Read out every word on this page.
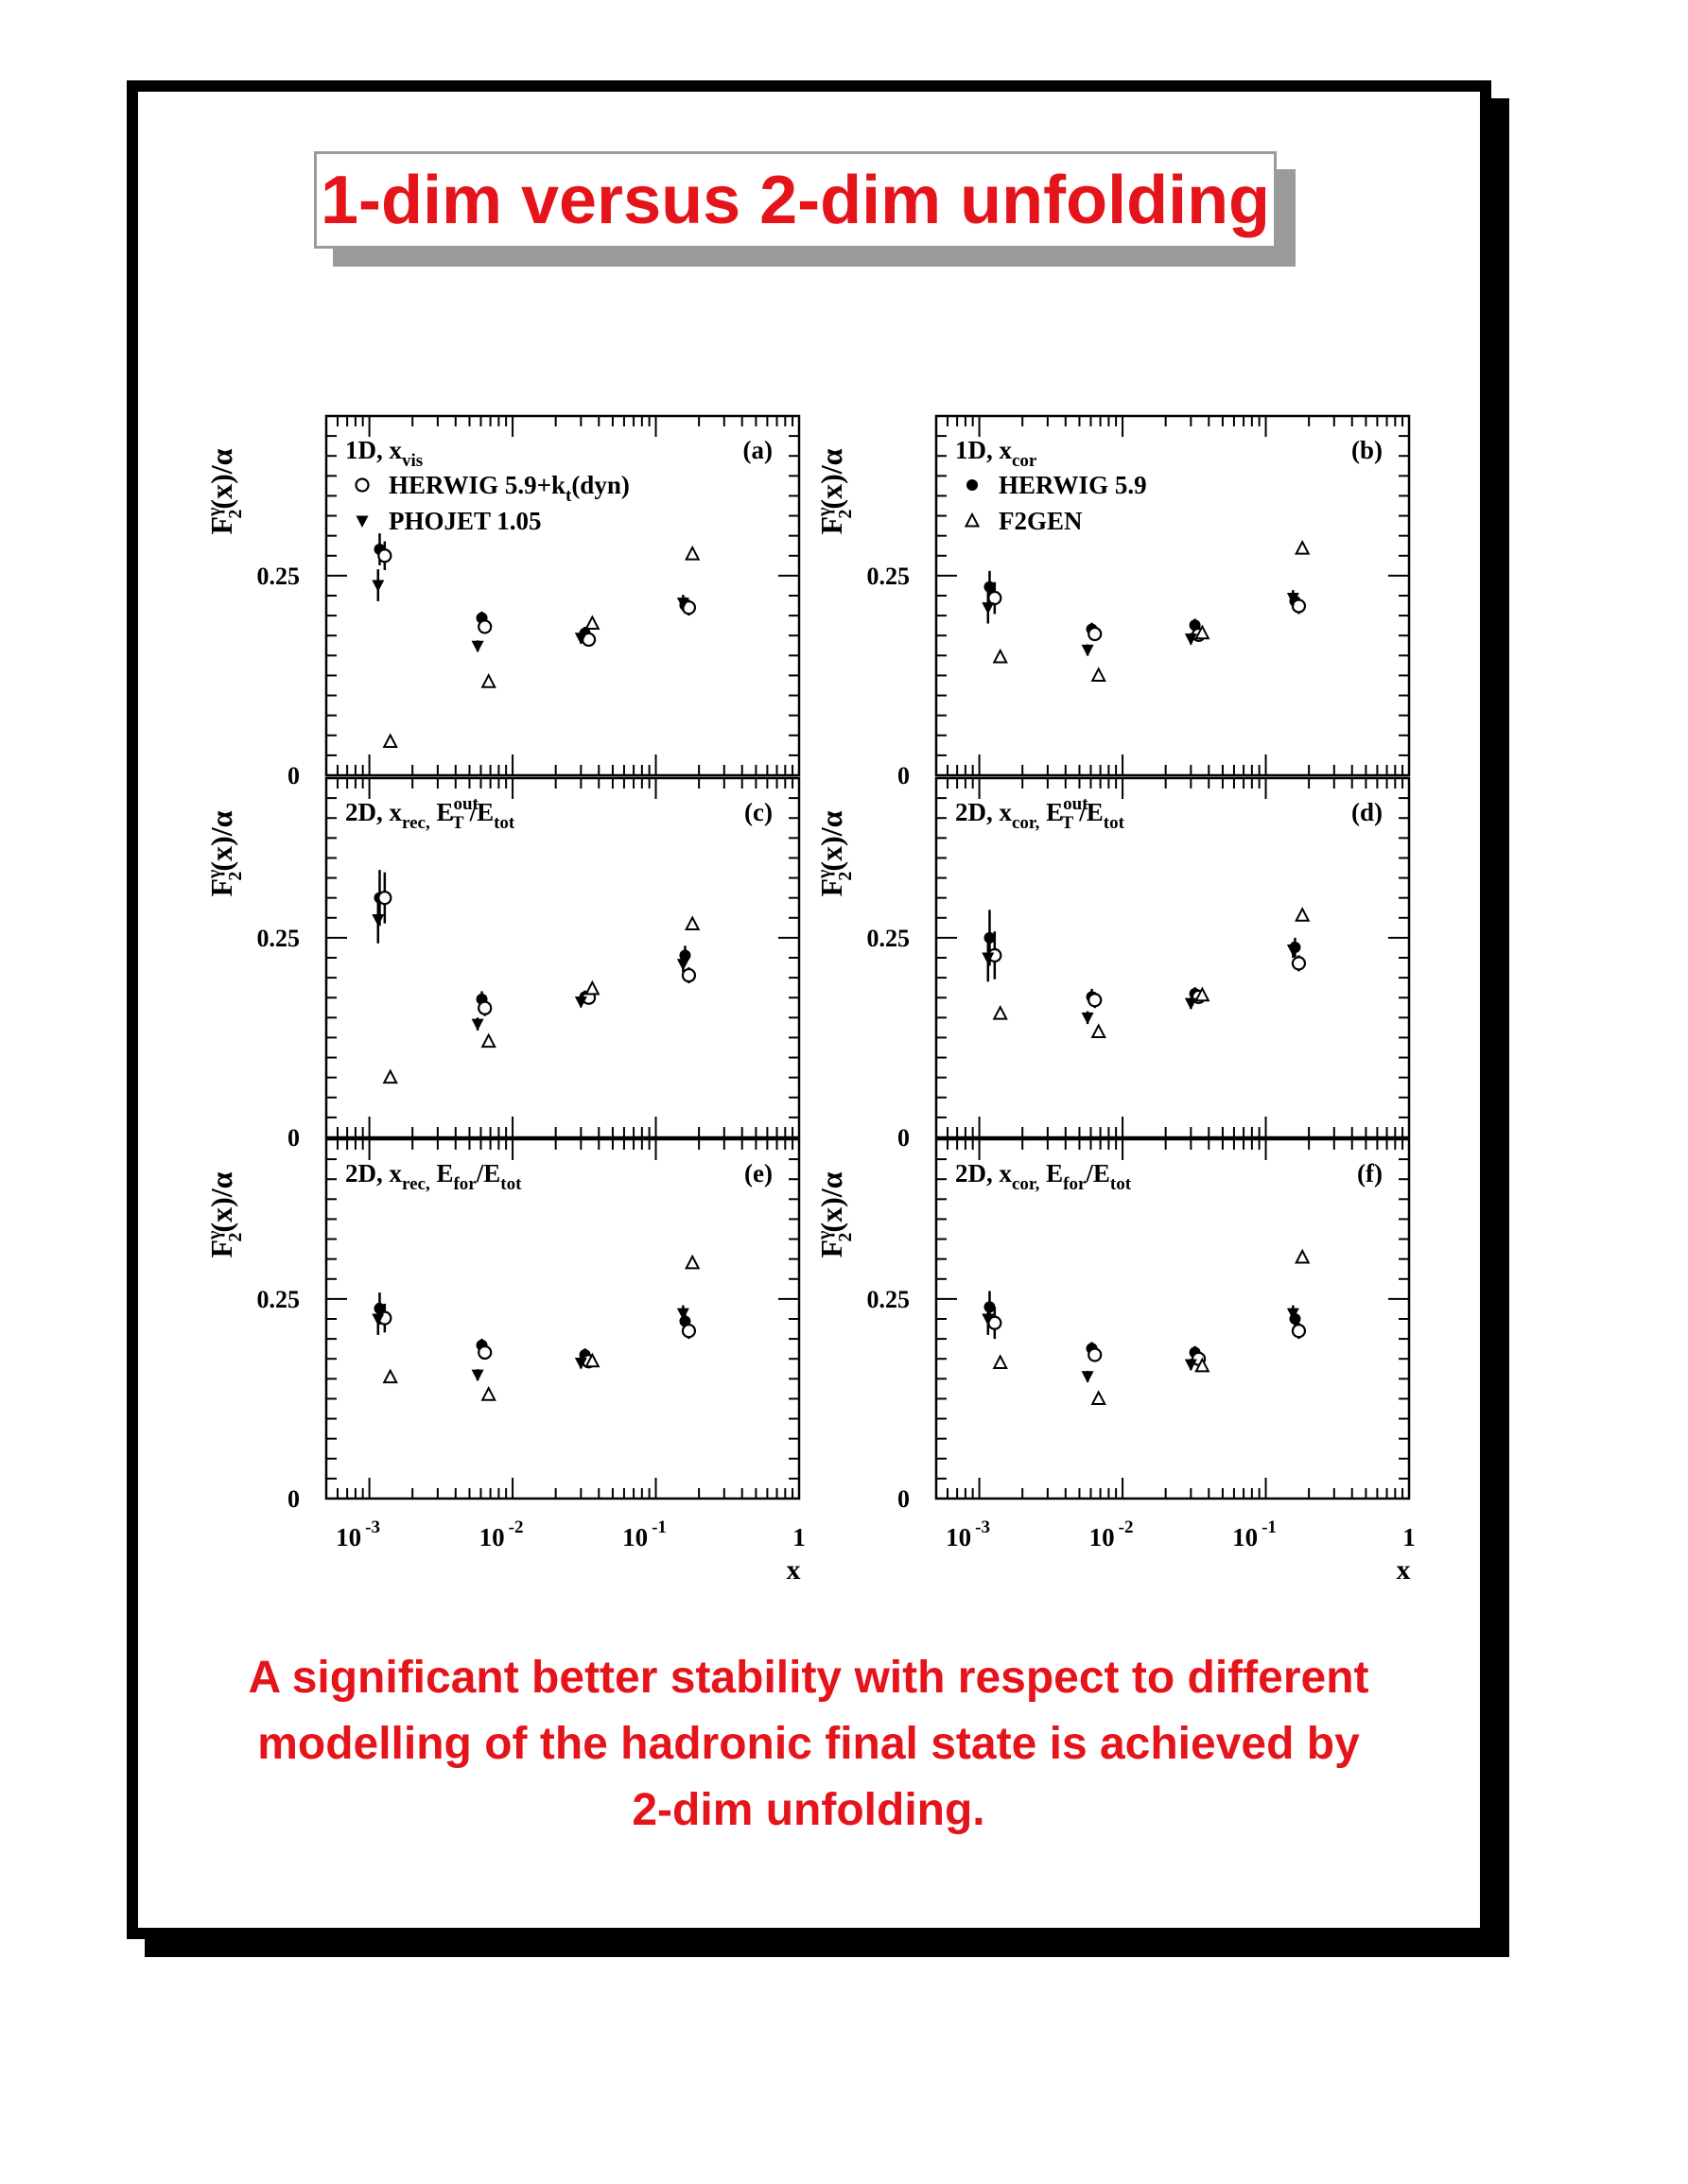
1-dim versus 2-dim unfolding
0
0.25
$F^\gamma 2(x)/\alpha$	1D, $x_{vis}$	(a)
HERWIG $5.9+k_t(dyn)$
PHOJET 1.05
0
0.25
$F^\gamma 2(x)/\alpha$	1D, $x_{cor}$	(b)
HERWIG 5.9
F2GEN
0
0.25
$F^\gamma 2(x)/\alpha$	2D, $x_{rec,}$ $E^{out}$ T $/E_{tot}$	(c)
0
0.25
$F^\gamma 2(x)/\alpha$	2D, $x_{cor,}$ $E^{out}$ T $/E_{tot}$	(d)
0
0.25
$F^\gamma 2(x)/\alpha$	2D, $x_{rec,}$ $E_{for}/E_{tot}$	(e)
10 $^{-3}$	10 $^{-2}$	10 $^{-1}$	1
x
0
0.25
$F^\gamma 2(x)/\alpha$	2D, $x_{cor,}$ $E_{for}/E_{tot}$	(f)
10 $^{-3}$	10 $^{-2}$	10 $^{-1}$	1
x
A significant better stability with respect to different
modelling of the hadronic final state is achieved by
2-dim unfolding.
